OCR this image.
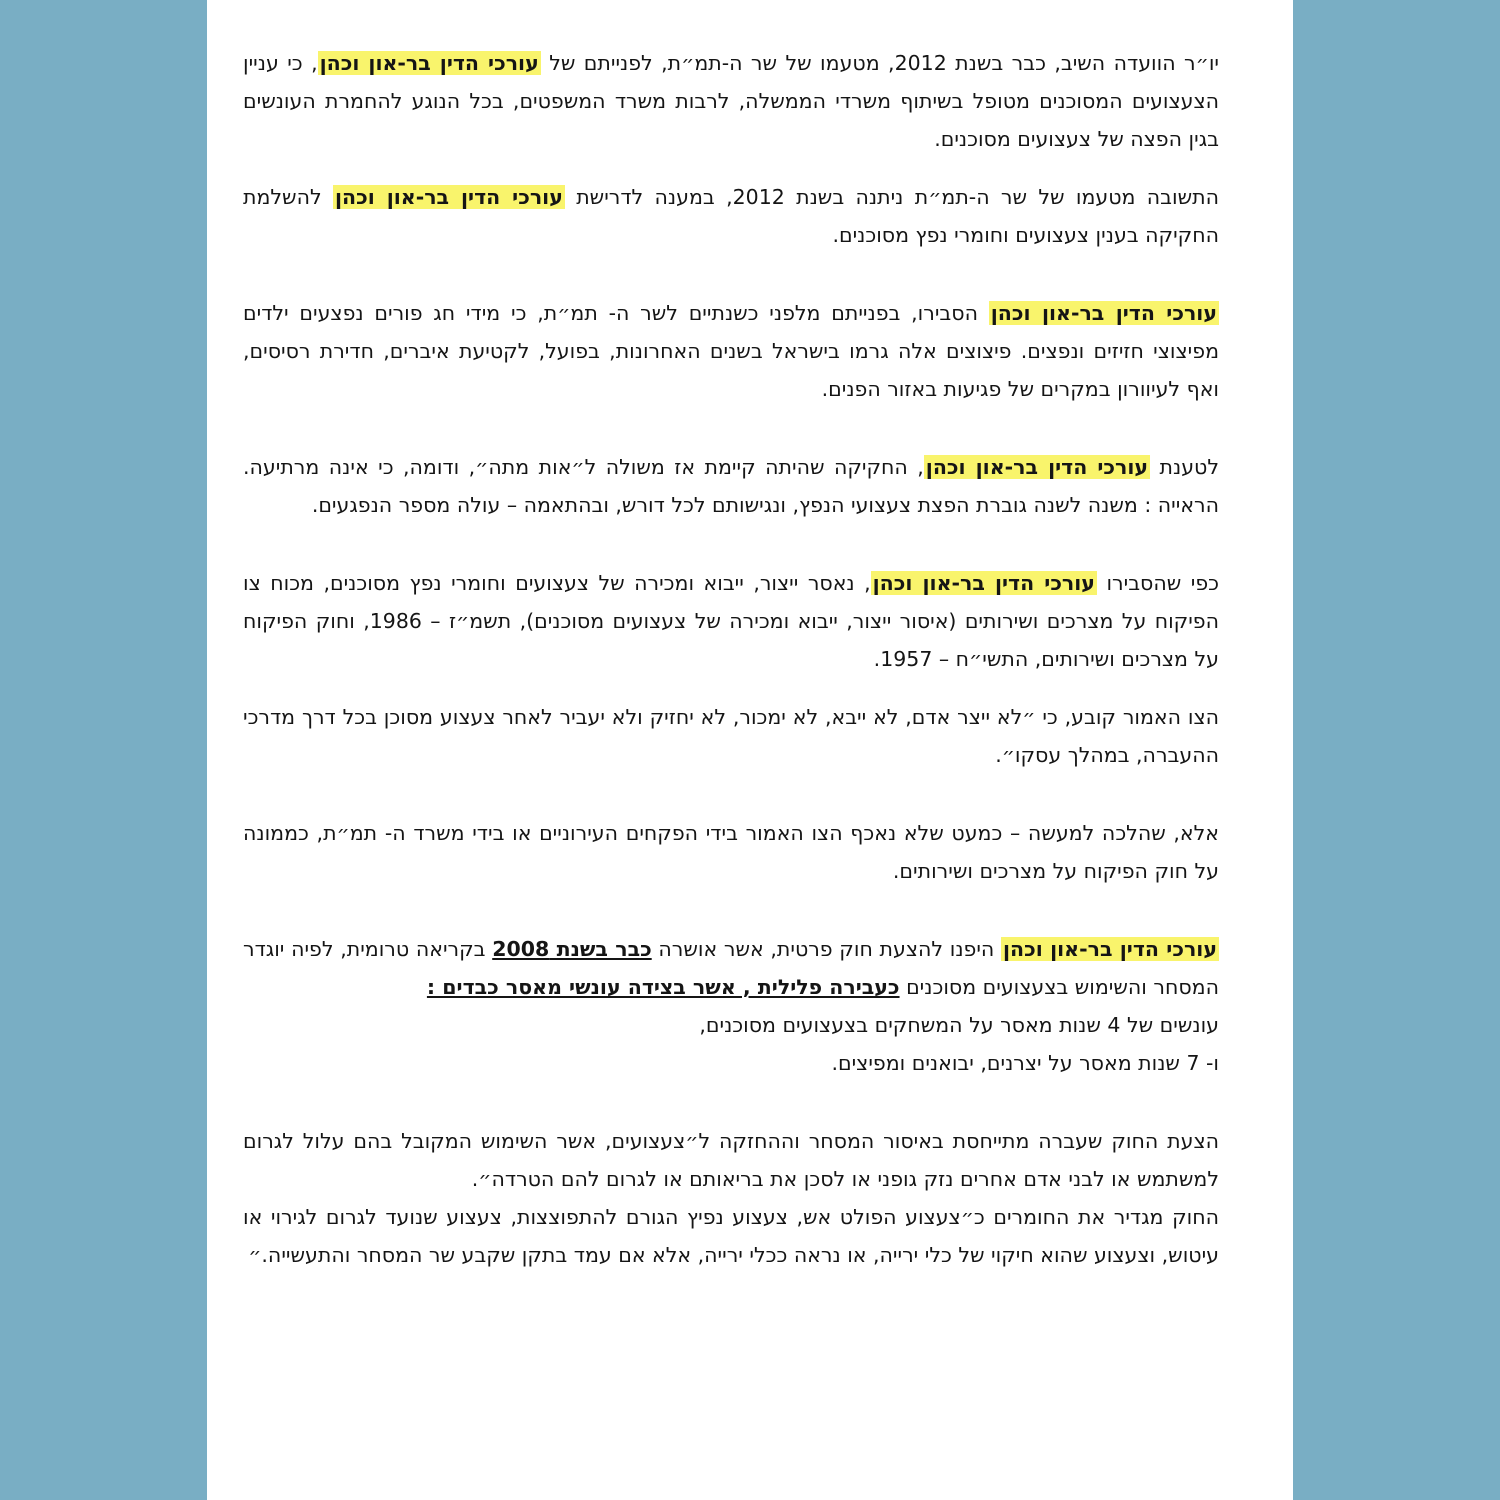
יו״ר הוועדה השיב, כבר בשנת 2012, מטעמו של שר ה-תמ״ת, לפנייתם של עורכי הדין בר-און וכהן, כי עניין הצעצועים המסוכנים מטופל בשיתוף משרדי הממשלה, לרבות משרד המשפטים, בכל הנוגע להחמרת העונשים בגין הפצה של צעצועים מסוכנים.

התשובה מטעמו של שר ה-תמ״ת ניתנה בשנת 2012, במענה לדרישת עורכי הדין בר-און וכהן להשלמת החקיקה בענין צעצועים וחומרי נפץ מסוכנים.

עורכי הדין בר-און וכהן הסבירו, בפנייתם מלפני כשנתיים לשר ה- תמ״ת, כי מידי חג פורים נפצעים ילדים מפיצוצי חזיזים ונפצים. פיצוצים אלה גרמו בישראל בשנים האחרונות, בפועל, לקטיעת איברים, חדירת רסיסים, ואף לעיוורון במקרים של פגיעות באזור הפנים.

לטענת עורכי הדין בר-און וכהן, החקיקה שהיתה קיימת אז משולה ל״אות מתה״, ודומה, כי אינה מרתיעה. הראייה : משנה לשנה גוברת הפצת צעצועי הנפץ, ונגישותם לכל דורש, ובהתאמה – עולה מספר הנפגעים.

כפי שהסבירו עורכי הדין בר-און וכהן, נאסר ייצור, ייבוא ומכירה של צעצועים וחומרי נפץ מסוכנים, מכוח צו הפיקוח על מצרכים ושירותים (איסור ייצור, ייבוא ומכירה של צעצועים מסוכנים), תשמ״ז – 1986, וחוק הפיקוח על מצרכים ושירותים, התשי״ח – 1957.

הצו האמור קובע, כי ״לא ייצר אדם, לא ייבא, לא ימכור, לא יחזיק ולא יעביר לאחר צעצוע מסוכן בכל דרך מדרכי ההעברה, במהלך עסקו״.

אלא, שהלכה למעשה – כמעט שלא נאכף הצו האמור בידי הפקחים העירוניים או בידי משרד ה- תמ״ת, כממונה על חוק הפיקוח על מצרכים ושירותים.

עורכי הדין בר-און וכהן היפנו להצעת חוק פרטית, אשר אושרה כבר בשנת 2008 בקריאה טרומית, לפיה יוגדר המסחר והשימוש בצעצועים מסוכנים כעבירה פלילית , אשר בצידה עונשי מאסר כבדים :

עונשים של 4 שנות מאסר על המשחקים בצעצועים מסוכנים,

ו- 7 שנות מאסר על יצרנים, יבואנים ומפיצים.

הצעת החוק שעברה מתייחסת באיסור המסחר וההחזקה ל״צעצועים, אשר השימוש המקובל בהם עלול לגרום למשתמש או לבני אדם אחרים נזק גופני או לסכן את בריאותם או לגרום להם הטרדה״.

החוק מגדיר את החומרים כ״צעצוע הפולט אש, צעצוע נפיץ הגורם להתפוצצות, צעצוע שנועד לגרום לגירוי או עיטוש, וצעצוע שהוא חיקוי של כלי ירייה, או נראה ככלי ירייה, אלא אם עמד בתקן שקבע שר המסחר והתעשייה.״
